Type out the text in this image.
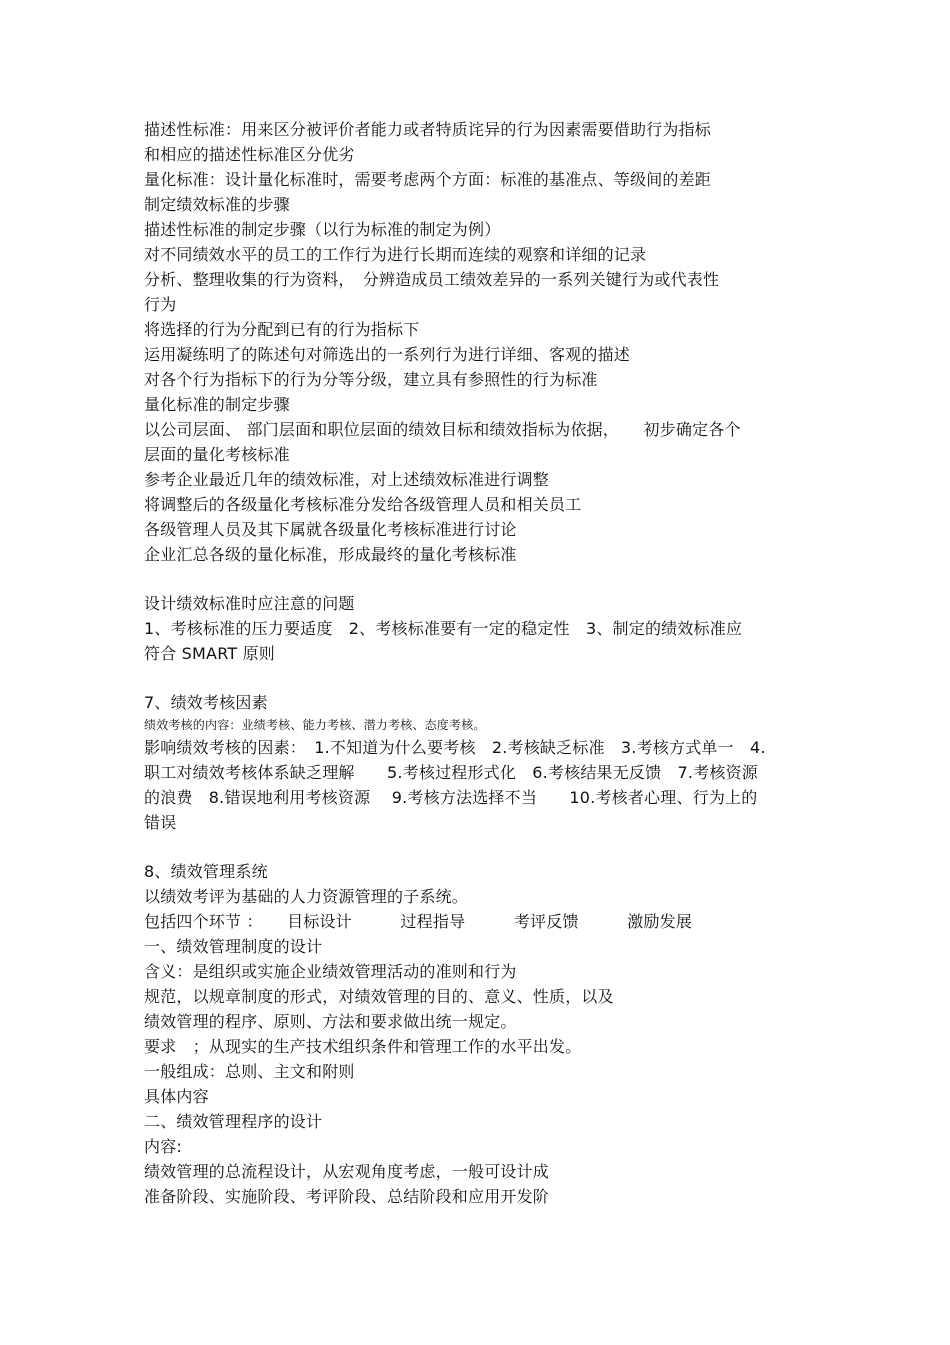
描述性标准：用来区分被评价者能力或者特质诧异的行为因素需要借助行为指标
和相应的描述性标准区分优劣
量化标准：设计量化标准时，需要考虑两个方面：标准的基准点、等级间的差距
制定绩效标准的步骤
描述性标准的制定步骤（以行为标准的制定为例）
对不同绩效水平的员工的工作行为进行长期而连续的观察和详细的记录
分析、整理收集的行为资料，　分辨造成员工绩效差异的一系列关键行为或代表性
行为
将选择的行为分配到已有的行为指标下
运用凝练明了的陈述句对筛选出的一系列行为进行详细、客观的描述
对各个行为指标下的行为分等分级，建立具有参照性的行为标准
量化标准的制定步骤
以公司层面、 部门层面和职位层面的绩效目标和绩效指标为依据，　　初步确定各个
层面的量化考核标准
参考企业最近几年的绩效标准，对上述绩效标准进行调整
将调整后的各级量化考核标准分发给各级管理人员和相关员工
各级管理人员及其下属就各级量化考核标准进行讨论
企业汇总各级的量化标准，形成最终的量化考核标准
设计绩效标准时应注意的问题
1、考核标准的压力要适度　2、考核标准要有一定的稳定性　3、制定的绩效标准应
符合 SMART 原则
7、绩效考核因素
绩效考核的内容：业绩考核、能力考核、潜力考核、态度考核。
影响绩效考核的因素：　1.不知道为什么要考核　2.考核缺乏标准　3.考核方式单一　4.
职工对绩效考核体系缺乏理解　　5.考核过程形式化　6.考核结果无反馈　7.考核资源
的浪费　8.错误地利用考核资源　 9.考核方法选择不当　　10.考核者心理、行为上的
错误
8、绩效管理系统
以绩效考评为基础的人力资源管理的子系统。
包括四个环节 ：　　目标设计　　　过程指导　　　考评反馈　　　激励发展
一、绩效管理制度的设计
含义：是组织或实施企业绩效管理活动的准则和行为
规范，以规章制度的形式，对绩效管理的目的、意义、性质，以及
绩效管理的程序、原则、方法和要求做出统一规定。
要求　；从现实的生产技术组织条件和管理工作的水平出发。
一般组成：总则、主文和附则
具体内容
二、绩效管理程序的设计
内容:
绩效管理的总流程设计，从宏观角度考虑，一般可设计成
准备阶段、实施阶段、考评阶段、总结阶段和应用开发阶
